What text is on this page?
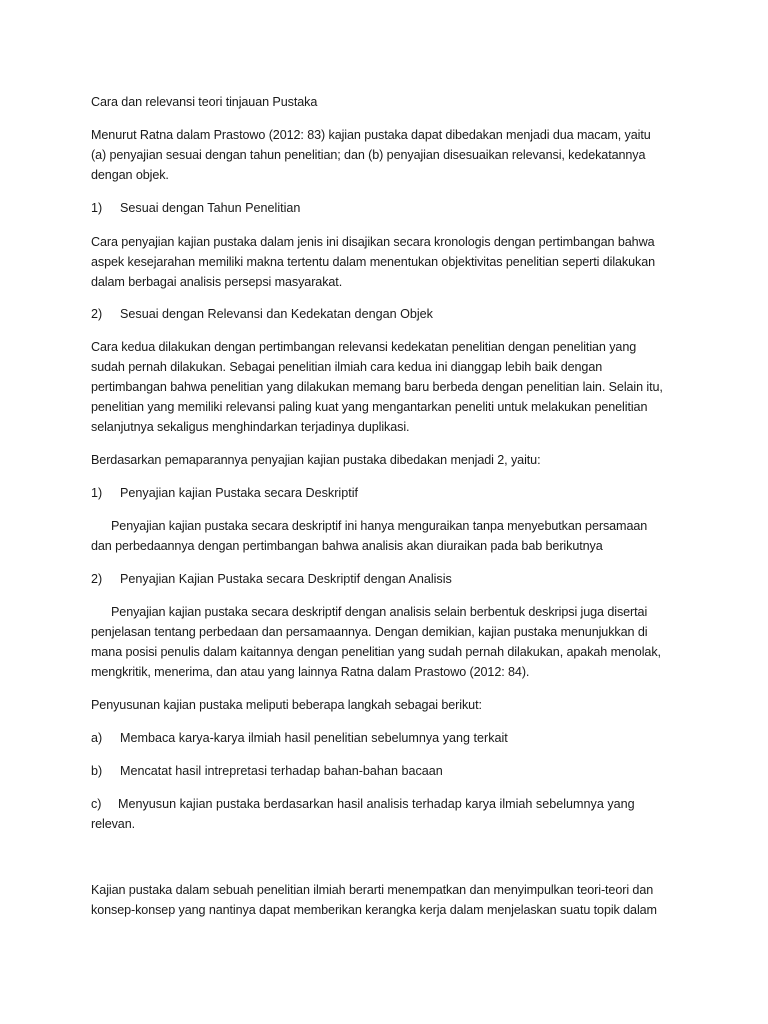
Cara dan relevansi teori tinjauan Pustaka

Menurut Ratna dalam Prastowo (2012: 83) kajian pustaka dapat dibedakan menjadi dua macam, yaitu

(a) penyajian sesuai dengan tahun penelitian; dan (b) penyajian disesuaikan relevansi, kedekatannya

dengan objek.

1) Sesuai dengan Tahun Penelitian

Cara penyajian kajian pustaka dalam jenis ini disajikan secara kronologis dengan pertimbangan bahwa

aspek kesejarahan memiliki makna tertentu dalam menentukan objektivitas penelitian seperti dilakukan

dalam berbagai analisis persepsi masyarakat.

2) Sesuai dengan Relevansi dan Kedekatan dengan Objek

Cara kedua dilakukan dengan pertimbangan relevansi kedekatan penelitian dengan penelitian yang

sudah pernah dilakukan. Sebagai penelitian ilmiah cara kedua ini dianggap lebih baik dengan

pertimbangan bahwa penelitian yang dilakukan memang baru berbeda dengan penelitian lain. Selain itu,

penelitian yang memiliki relevansi paling kuat yang mengantarkan peneliti untuk melakukan penelitian

selanjutnya sekaligus menghindarkan terjadinya duplikasi.

Berdasarkan pemaparannya penyajian kajian pustaka dibedakan menjadi 2, yaitu:

1) Penyajian kajian Pustaka secara Deskriptif

Penyajian kajian pustaka secara deskriptif ini hanya menguraikan tanpa menyebutkan persamaan

dan perbedaannya dengan pertimbangan bahwa analisis akan diuraikan pada bab berikutnya

2) Penyajian Kajian Pustaka secara Deskriptif dengan Analisis

Penyajian kajian pustaka secara deskriptif dengan analisis selain berbentuk deskripsi juga disertai

penjelasan tentang perbedaan dan persamaannya. Dengan demikian, kajian pustaka menunjukkan di

mana posisi penulis dalam kaitannya dengan penelitian yang sudah pernah dilakukan, apakah menolak,

mengkritik, menerima, dan atau yang lainnya Ratna dalam Prastowo (2012: 84).

Penyusunan kajian pustaka meliputi beberapa langkah sebagai berikut:

a) Membaca karya-karya ilmiah hasil penelitian sebelumnya yang terkait

b) Mencatat hasil intrepretasi terhadap bahan-bahan bacaan

c) Menyusun kajian pustaka berdasarkan hasil analisis terhadap karya ilmiah sebelumnya yang

relevan.

Kajian pustaka dalam sebuah penelitian ilmiah berarti menempatkan dan menyimpulkan teori-teori dan

konsep-konsep yang nantinya dapat memberikan kerangka kerja dalam menjelaskan suatu topik dalam
